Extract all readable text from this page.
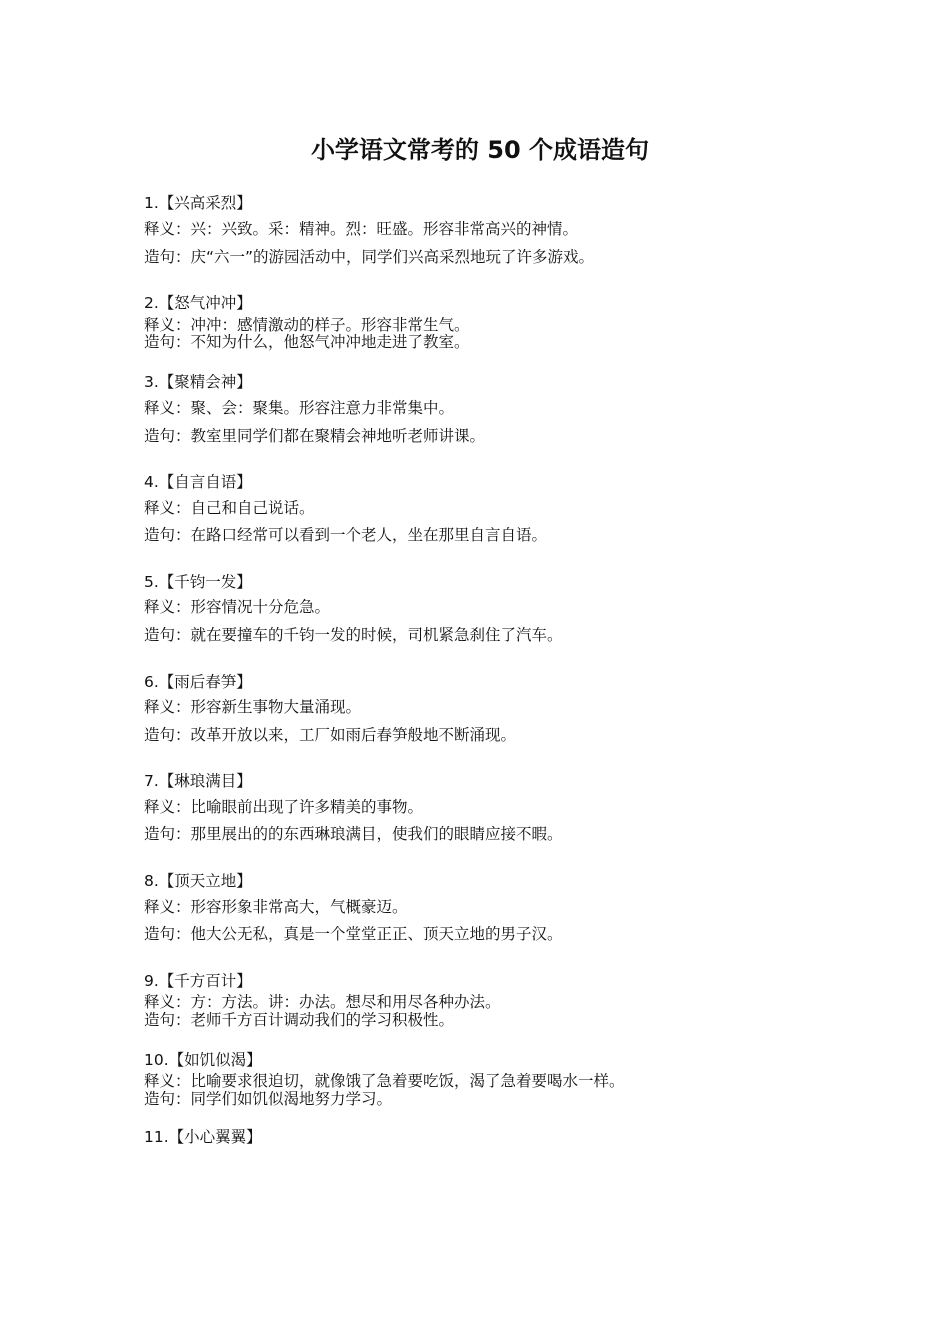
小学语文常考的 50 个成语造句
1.【兴高采烈】
释义：兴：兴致。采：精神。烈：旺盛。形容非常高兴的神情。
造句：庆“六一”的游园活动中，同学们兴高采烈地玩了许多游戏。
2.【怒气冲冲】
释义：冲冲：感情激动的样子。形容非常生气。
造句：不知为什么，他怒气冲冲地走进了教室。
3.【聚精会神】
释义：聚、会：聚集。形容注意力非常集中。
造句：教室里同学们都在聚精会神地听老师讲课。
4.【自言自语】
释义：自己和自己说话。
造句：在路口经常可以看到一个老人，坐在那里自言自语。
5.【千钧一发】
释义：形容情况十分危急。
造句：就在要撞车的千钧一发的时候，司机紧急刹住了汽车。
6.【雨后春笋】
释义：形容新生事物大量涌现。
造句：改革开放以来，工厂如雨后春笋般地不断涌现。
7.【琳琅满目】
释义：比喻眼前出现了许多精美的事物。
造句：那里展出的的东西琳琅满目，使我们的眼睛应接不暇。
8.【顶天立地】
释义：形容形象非常高大，气概豪迈。
造句：他大公无私，真是一个堂堂正正、顶天立地的男子汉。
9.【千方百计】
释义：方：方法。讲：办法。想尽和用尽各种办法。
造句：老师千方百计调动我们的学习积极性。
10.【如饥似渴】
释义：比喻要求很迫切，就像饿了急着要吃饭，渴了急着要喝水一样。
造句：同学们如饥似渴地努力学习。
11.【小心翼翼】
